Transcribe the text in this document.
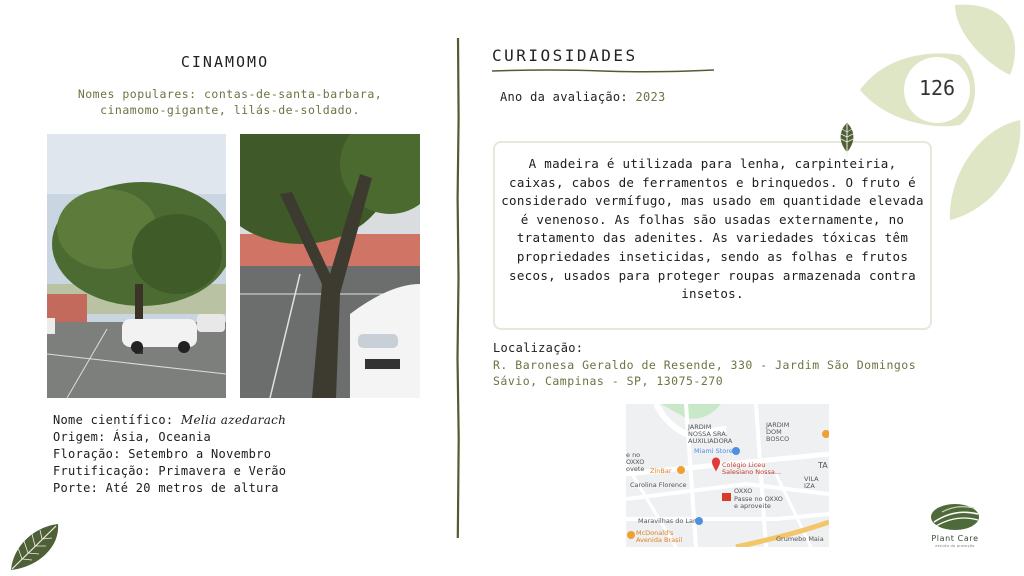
CINAMOMO
Nomes populares: contas-de-santa-barbara, cinamomo-gigante, lilás-de-soldado.
Nome científico: Melia azedarach
Origem: Ásia, Oceania
Floração: Setembro a Novembro
Frutificação: Primavera e Verão
Porte: Até 20 metros de altura
CURIOSIDADES
Ano da avaliação: 2023
A madeira é utilizada para lenha, carpinteiria, caixas, cabos de ferramentos e brinquedos. O fruto é considerado vermífugo, mas usado em quantidade elevada é venenoso. As folhas são usadas externamente, no tratamento das adenites. As variedades tóxicas têm propriedades inseticidas, sendo as folhas e frutos secos, usados para proteger roupas armazenada contra insetos.
Localização:
R. Baronesa Geraldo de Resende, 330 - Jardim São Domingos Sávio, Campinas - SP, 13075-270
JARDIM NOSSA SRA. AUXILIADORA
JARDIM DOM BOSCO
Miami Store
e no OXXO ovete ZinBar
Colégio Liceu Salesiano Nossa...
TA
VILA IZA
OXXO
Passe no OXXO e aproveite
Carolina Florence
Maravilhas do Lar
McDonald's Avenida Brasil	Grumebo Maia
126
Plant Care
estudo da proteção
